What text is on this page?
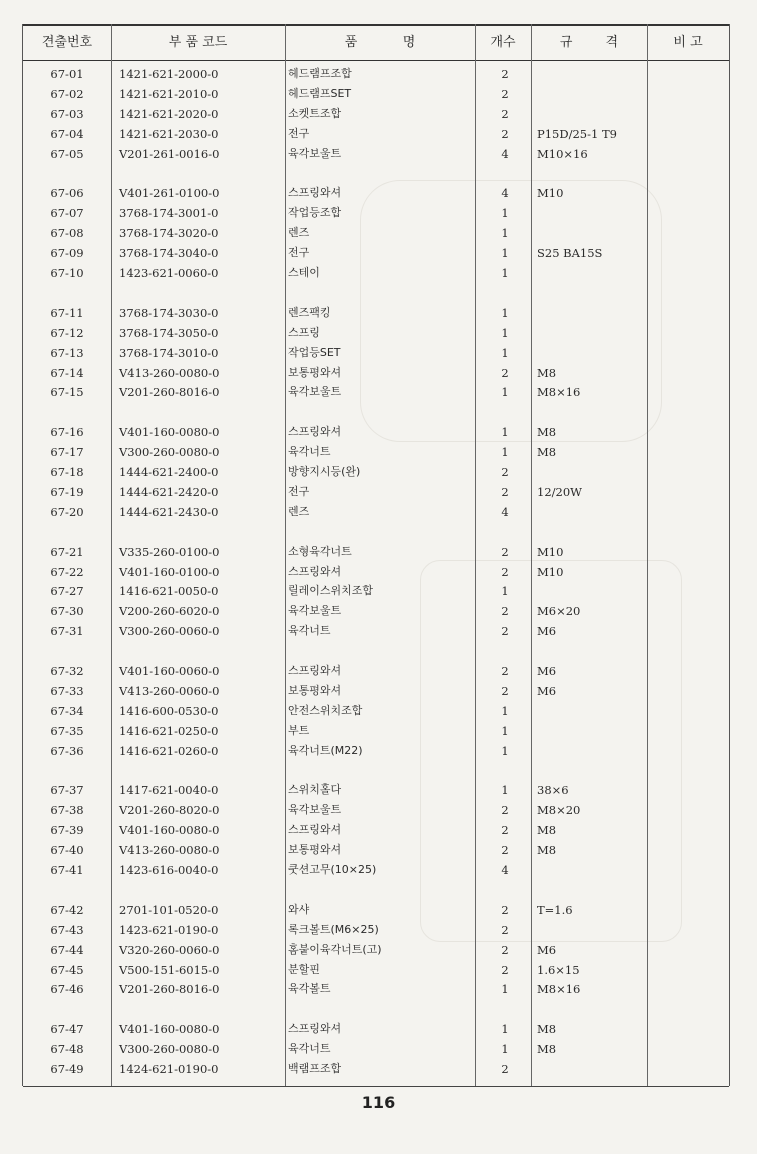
견출번호	부 품 코드	품           명	개수	규        격	비 고
67-01	1421-621-2000-0	헤드램프조합	2
67-02	1421-621-2010-0	헤드램프SET	2
67-03	1421-621-2020-0	소켓트조합	2
67-04	1421-621-2030-0	전구	2	P15D/25-1 T9
67-05	V201-261-0016-0	육각보울트	4	M10×16
67-06	V401-261-0100-0	스프링와셔	4	M10
67-07	3768-174-3001-0	작업등조합	1
67-08	3768-174-3020-0	렌즈	1
67-09	3768-174-3040-0	전구	1	S25 BA15S
67-10	1423-621-0060-0	스테이	1
67-11	3768-174-3030-0	렌즈팩킹	1
67-12	3768-174-3050-0	스프링	1
67-13	3768-174-3010-0	작업등SET	1
67-14	V413-260-0080-0	보통평와셔	2	M8
67-15	V201-260-8016-0	육각보울트	1	M8×16
67-16	V401-160-0080-0	스프링와셔	1	M8
67-17	V300-260-0080-0	육각너트	1	M8
67-18	1444-621-2400-0	방향지시등(완)	2
67-19	1444-621-2420-0	전구	2	12/20W
67-20	1444-621-2430-0	렌즈	4
67-21	V335-260-0100-0	소형육각너트	2	M10
67-22	V401-160-0100-0	스프링와셔	2	M10
67-27	1416-621-0050-0	릴레이스위치조합	1
67-30	V200-260-6020-0	육각보울트	2	M6×20
67-31	V300-260-0060-0	육각너트	2	M6
67-32	V401-160-0060-0	스프링와셔	2	M6
67-33	V413-260-0060-0	보통평와셔	2	M6
67-34	1416-600-0530-0	안전스위치조합	1
67-35	1416-621-0250-0	부트	1
67-36	1416-621-0260-0	육각너트(M22)	1
67-37	1417-621-0040-0	스위치홀다	1	38×6
67-38	V201-260-8020-0	육각보울트	2	M8×20
67-39	V401-160-0080-0	스프링와셔	2	M8
67-40	V413-260-0080-0	보통평와셔	2	M8
67-41	1423-616-0040-0	쿳션고무(10×25)	4
67-42	2701-101-0520-0	와샤	2	T=1.6
67-43	1423-621-0190-0	록크볼트(M6×25)	2
67-44	V320-260-0060-0	홈붙이육각너트(고)	2	M6
67-45	V500-151-6015-0	분할핀	2	1.6×15
67-46	V201-260-8016-0	육각볼트	1	M8×16
67-47	V401-160-0080-0	스프링와셔	1	M8
67-48	V300-260-0080-0	육각너트	1	M8
67-49	1424-621-0190-0	백램프조합	2
116
